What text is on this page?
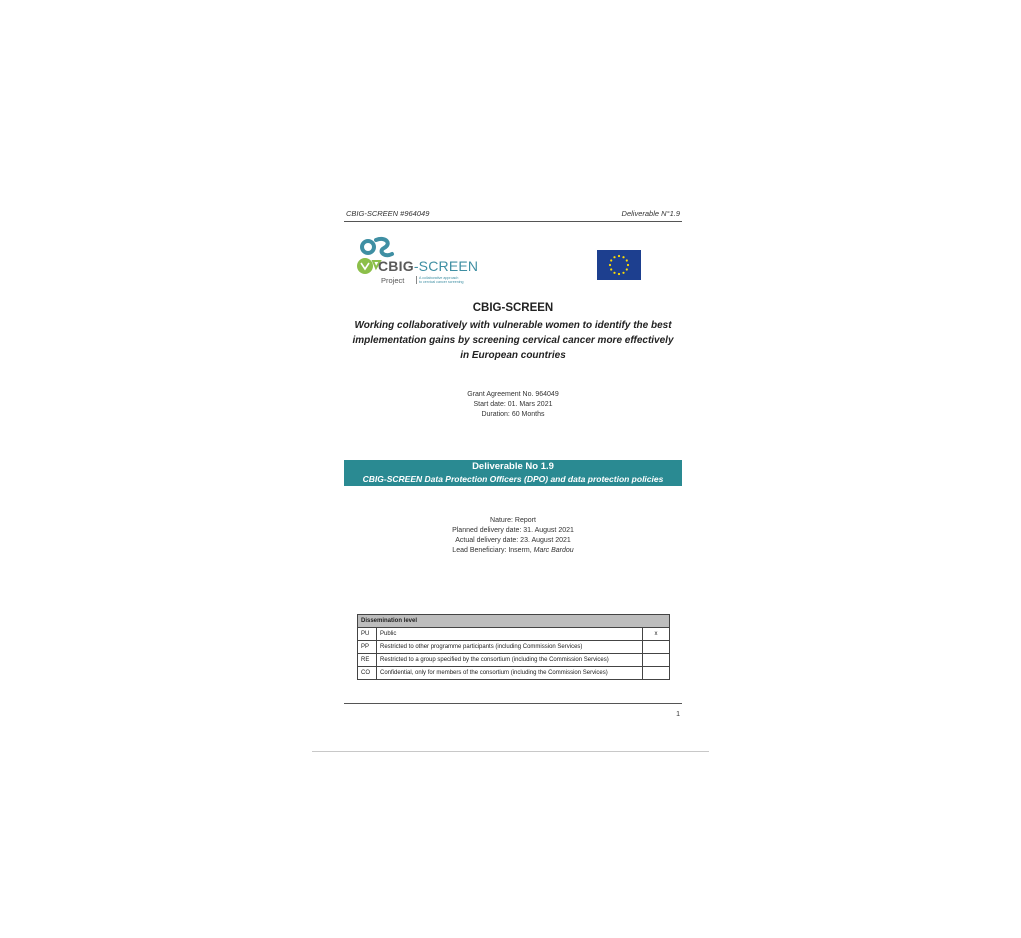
CBIG-SCREEN #964049	Deliverable N°1.9
CBIG-SCREEN
Project	A collaborative approach
to cervical cancer screening
CBIG-SCREEN
Working collaboratively with vulnerable women to identify the best
implementation gains by screening cervical cancer more effectively
in European countries
Grant Agreement No. 964049
Start date: 01. Mars 2021
Duration: 60 Months
Deliverable No 1.9
CBIG-SCREEN Data Protection Officers (DPO) and data protection policies
Nature: Report
Planned delivery date: 31. August 2021
Actual delivery date: 23. August 2021
Lead Beneficiary: Inserm, Marc Bardou
Dissemination level		
PU	Public	x
PP	Restricted to other programme participants (including Commission Services)	
RE	Restricted to a group specified by the consortium (including the Commission Services)	
CO	Confidential, only for members of the consortium (including the Commission Services)	
1
